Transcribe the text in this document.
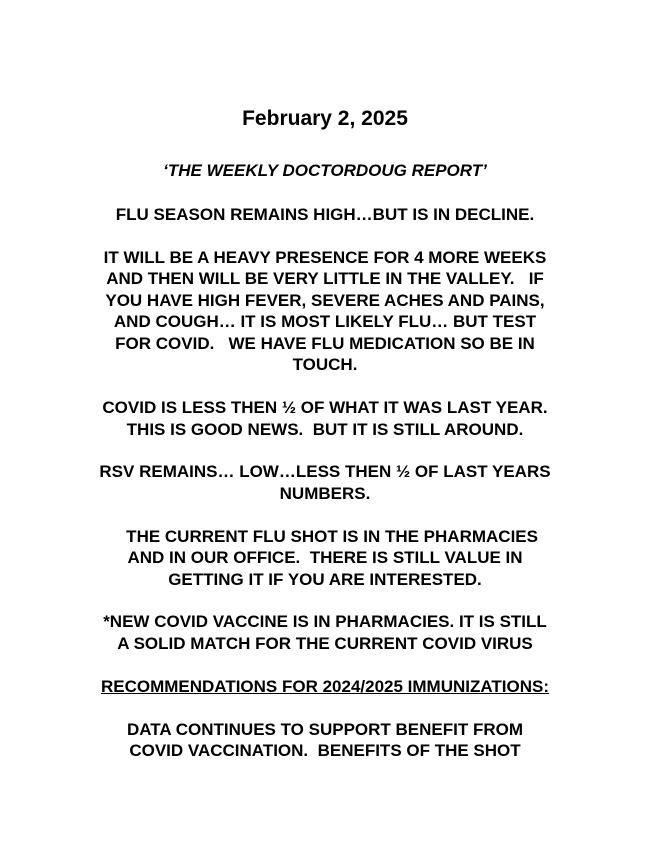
February 2, 2025

‘THE WEEKLY DOCTORDOUG REPORT’

FLU SEASON REMAINS HIGH…BUT IS IN DECLINE.

IT WILL BE A HEAVY PRESENCE FOR 4 MORE WEEKS

AND THEN WILL BE VERY LITTLE IN THE VALLEY.   IF

YOU HAVE HIGH FEVER, SEVERE ACHES AND PAINS,

AND COUGH… IT IS MOST LIKELY FLU… BUT TEST

FOR COVID.   WE HAVE FLU MEDICATION SO BE IN

TOUCH.

COVID IS LESS THEN ½ OF WHAT IT WAS LAST YEAR.

THIS IS GOOD NEWS.  BUT IT IS STILL AROUND.

RSV REMAINS… LOW…LESS THEN ½ OF LAST YEARS

NUMBERS.

THE CURRENT FLU SHOT IS IN THE PHARMACIES

AND IN OUR OFFICE.  THERE IS STILL VALUE IN

GETTING IT IF YOU ARE INTERESTED.

*NEW COVID VACCINE IS IN PHARMACIES. IT IS STILL

A SOLID MATCH FOR THE CURRENT COVID VIRUS

RECOMMENDATIONS FOR 2024/2025 IMMUNIZATIONS:

DATA CONTINUES TO SUPPORT BENEFIT FROM

COVID VACCINATION.  BENEFITS OF THE SHOT
